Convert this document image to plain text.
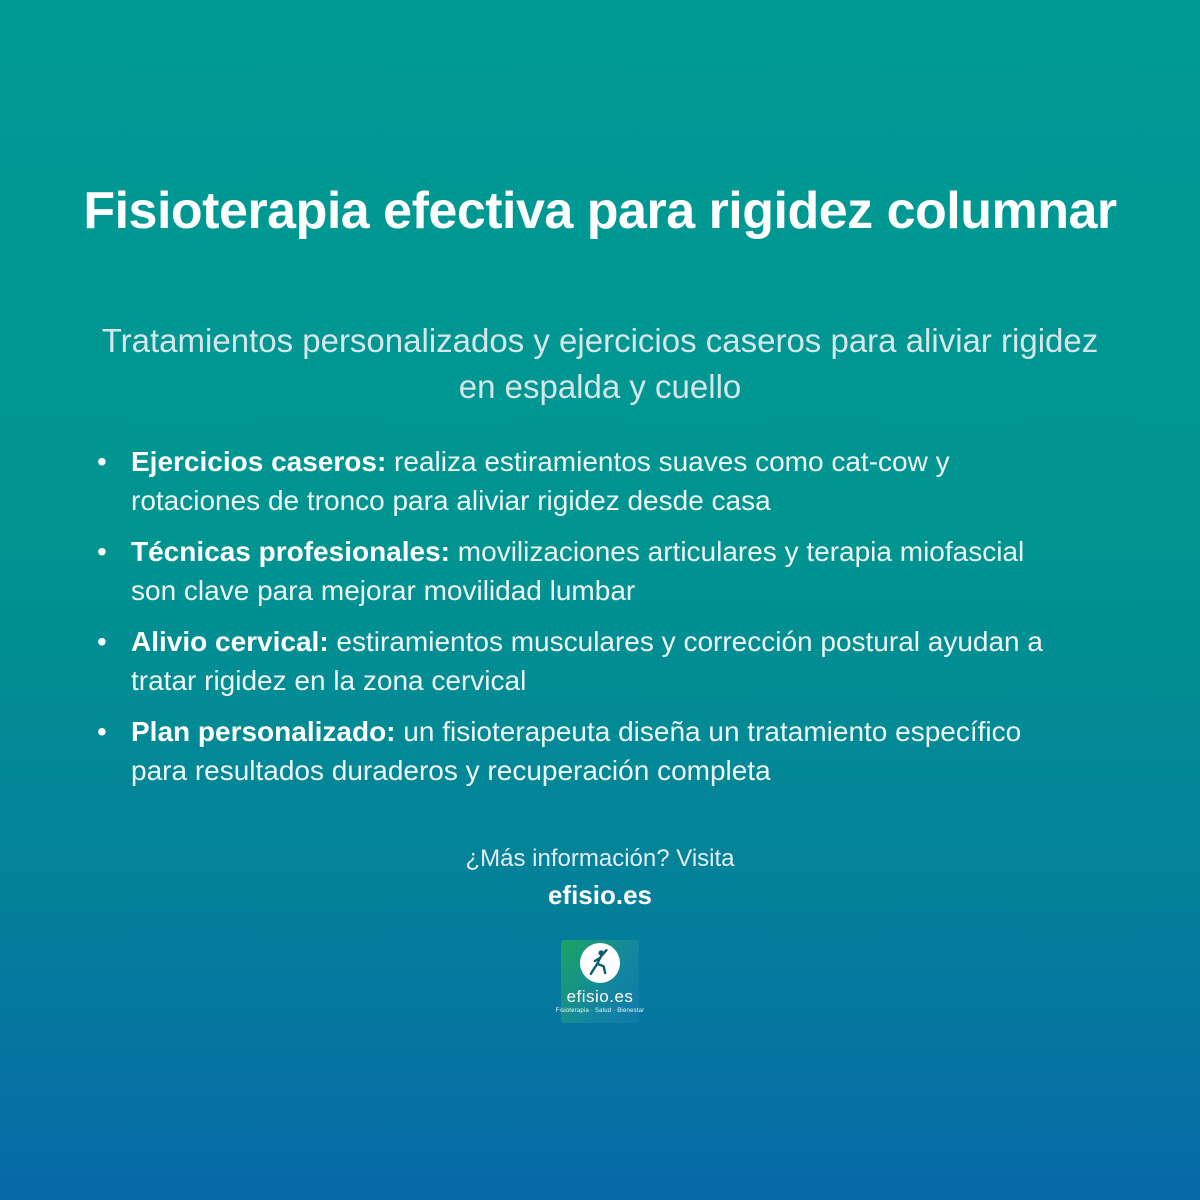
Fisioterapia efectiva para rigidez columnar
Tratamientos personalizados y ejercicios caseros para aliviar rigidez en espalda y cuello
• Ejercicios caseros: realiza estiramientos suaves como cat-cow y rotaciones de tronco para aliviar rigidez desde casa
• Técnicas profesionales: movilizaciones articulares y terapia miofascial son clave para mejorar movilidad lumbar
• Alivio cervical: estiramientos musculares y corrección postural ayudan a tratar rigidez en la zona cervical
• Plan personalizado: un fisioterapeuta diseña un tratamiento específico para resultados duraderos y recuperación completa
¿Más información? Visita
efisio.es
efisio.es
Fisioterapia · Salud · Bienestar
